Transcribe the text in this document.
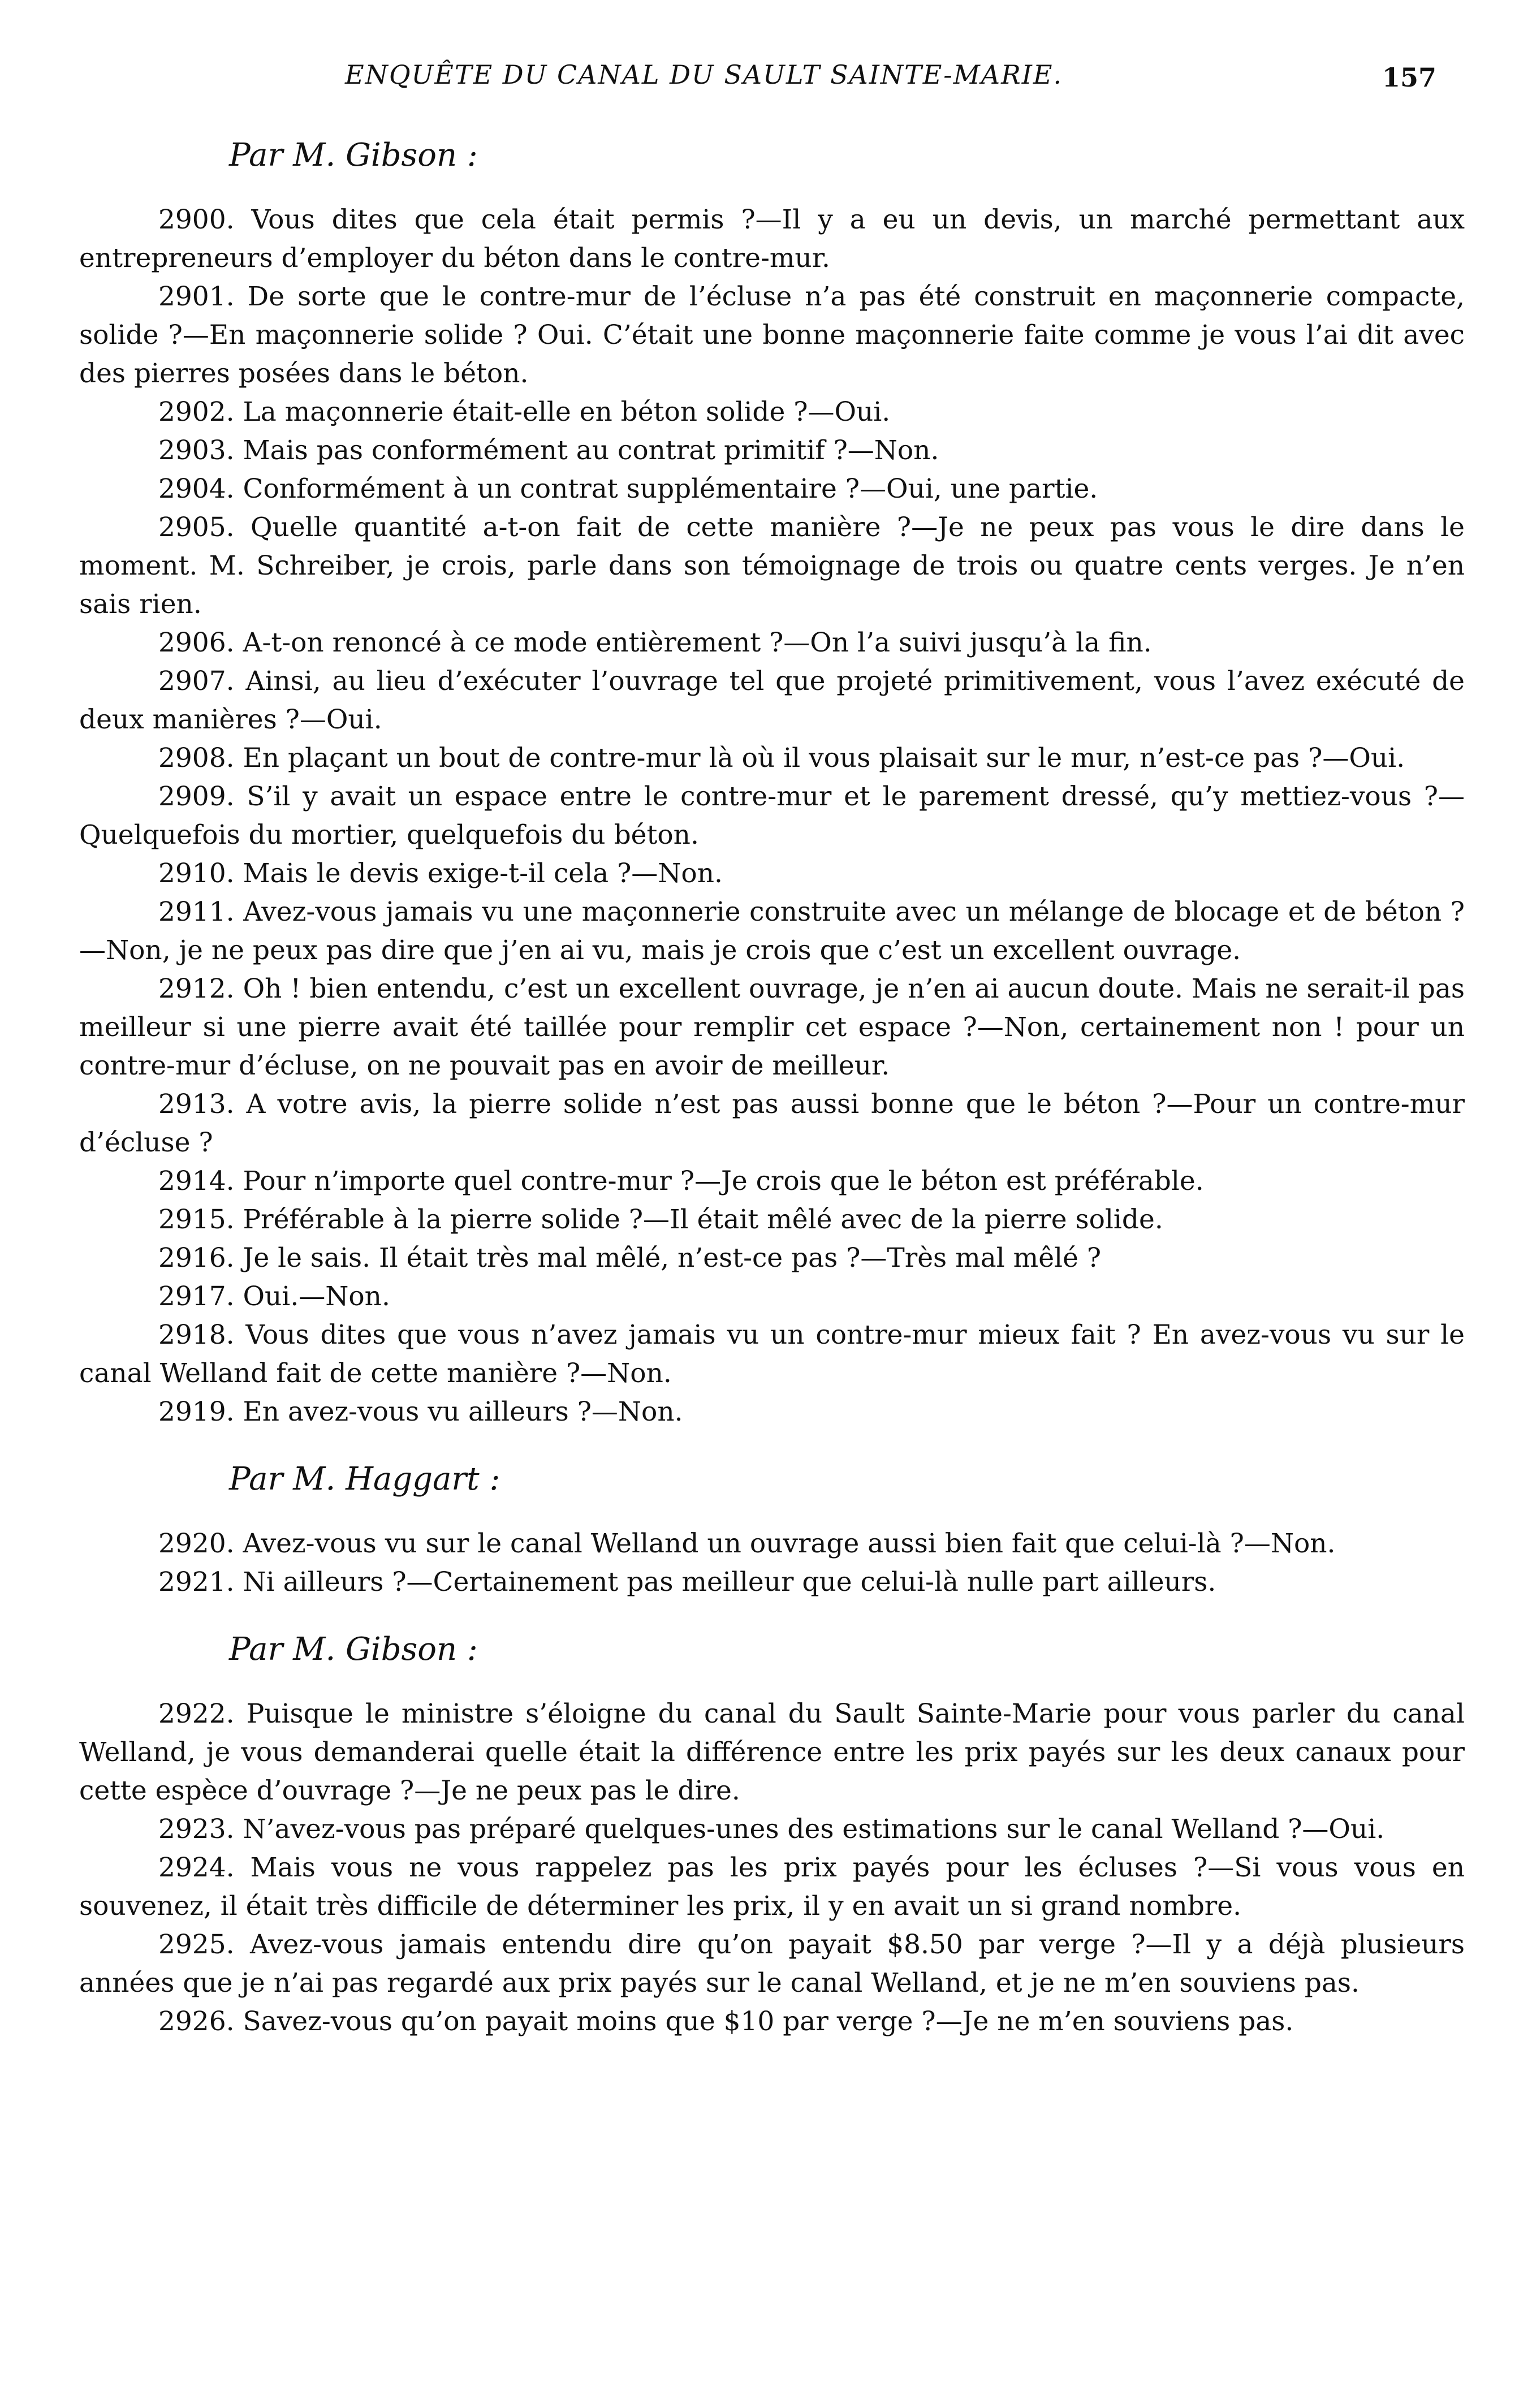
ENQUÊTE DU CANAL DU SAULT SAINTE-MARIE.	157
Par M. Gibson :

2900. Vous dites que cela était permis ?—Il y a eu un devis, un marché permettant aux entrepreneurs d’employer du béton dans le contre-mur.

2901. De sorte que le contre-mur de l’écluse n’a pas été construit en maçonnerie compacte, solide ?—En maçonnerie solide ? Oui. C’était une bonne maçonnerie faite comme je vous l’ai dit avec des pierres posées dans le béton.

2902. La maçonnerie était-elle en béton solide ?—Oui.

2903. Mais pas conformément au contrat primitif ?—Non.

2904. Conformément à un contrat supplémentaire ?—Oui, une partie.

2905. Quelle quantité a-t-on fait de cette manière ?—Je ne peux pas vous le dire dans le moment. M. Schreiber, je crois, parle dans son témoignage de trois ou quatre cents verges. Je n’en sais rien.

2906. A-t-on renoncé à ce mode entièrement ?—On l’a suivi jusqu’à la fin.

2907. Ainsi, au lieu d’exécuter l’ouvrage tel que projeté primitivement, vous l’avez exécuté de deux manières ?—Oui.

2908. En plaçant un bout de contre-mur là où il vous plaisait sur le mur, n’est-ce pas ?—Oui.

2909. S’il y avait un espace entre le contre-mur et le parement dressé, qu’y mettiez-vous ?—Quelquefois du mortier, quelquefois du béton.

2910. Mais le devis exige-t-il cela ?—Non.

2911. Avez-vous jamais vu une maçonnerie construite avec un mélange de blocage et de béton ?—Non, je ne peux pas dire que j’en ai vu, mais je crois que c’est un excellent ouvrage.

2912. Oh ! bien entendu, c’est un excellent ouvrage, je n’en ai aucun doute. Mais ne serait-il pas meilleur si une pierre avait été taillée pour remplir cet espace ?—Non, certainement non ! pour un contre-mur d’écluse, on ne pouvait pas en avoir de meilleur.

2913. A votre avis, la pierre solide n’est pas aussi bonne que le béton ?—Pour un contre-mur d’écluse ?

2914. Pour n’importe quel contre-mur ?—Je crois que le béton est préférable.

2915. Préférable à la pierre solide ?—Il était mêlé avec de la pierre solide.

2916. Je le sais. Il était très mal mêlé, n’est-ce pas ?—Très mal mêlé ?

2917. Oui.—Non.

2918. Vous dites que vous n’avez jamais vu un contre-mur mieux fait ? En avez-vous vu sur le canal Welland fait de cette manière ?—Non.

2919. En avez-vous vu ailleurs ?—Non.

Par M. Haggart :

2920. Avez-vous vu sur le canal Welland un ouvrage aussi bien fait que celui-là ?—Non.

2921. Ni ailleurs ?—Certainement pas meilleur que celui-là nulle part ailleurs.

Par M. Gibson :

2922. Puisque le ministre s’éloigne du canal du Sault Sainte-Marie pour vous parler du canal Welland, je vous demanderai quelle était la différence entre les prix payés sur les deux canaux pour cette espèce d’ouvrage ?—Je ne peux pas le dire.

2923. N’avez-vous pas préparé quelques-unes des estimations sur le canal Welland ?—Oui.

2924. Mais vous ne vous rappelez pas les prix payés pour les écluses ?—Si vous vous en souvenez, il était très difficile de déterminer les prix, il y en avait un si grand nombre.

2925. Avez-vous jamais entendu dire qu’on payait $8.50 par verge ?—Il y a déjà plusieurs années que je n’ai pas regardé aux prix payés sur le canal Welland, et je ne m’en souviens pas.

2926. Savez-vous qu’on payait moins que $10 par verge ?—Je ne m’en souviens pas.
